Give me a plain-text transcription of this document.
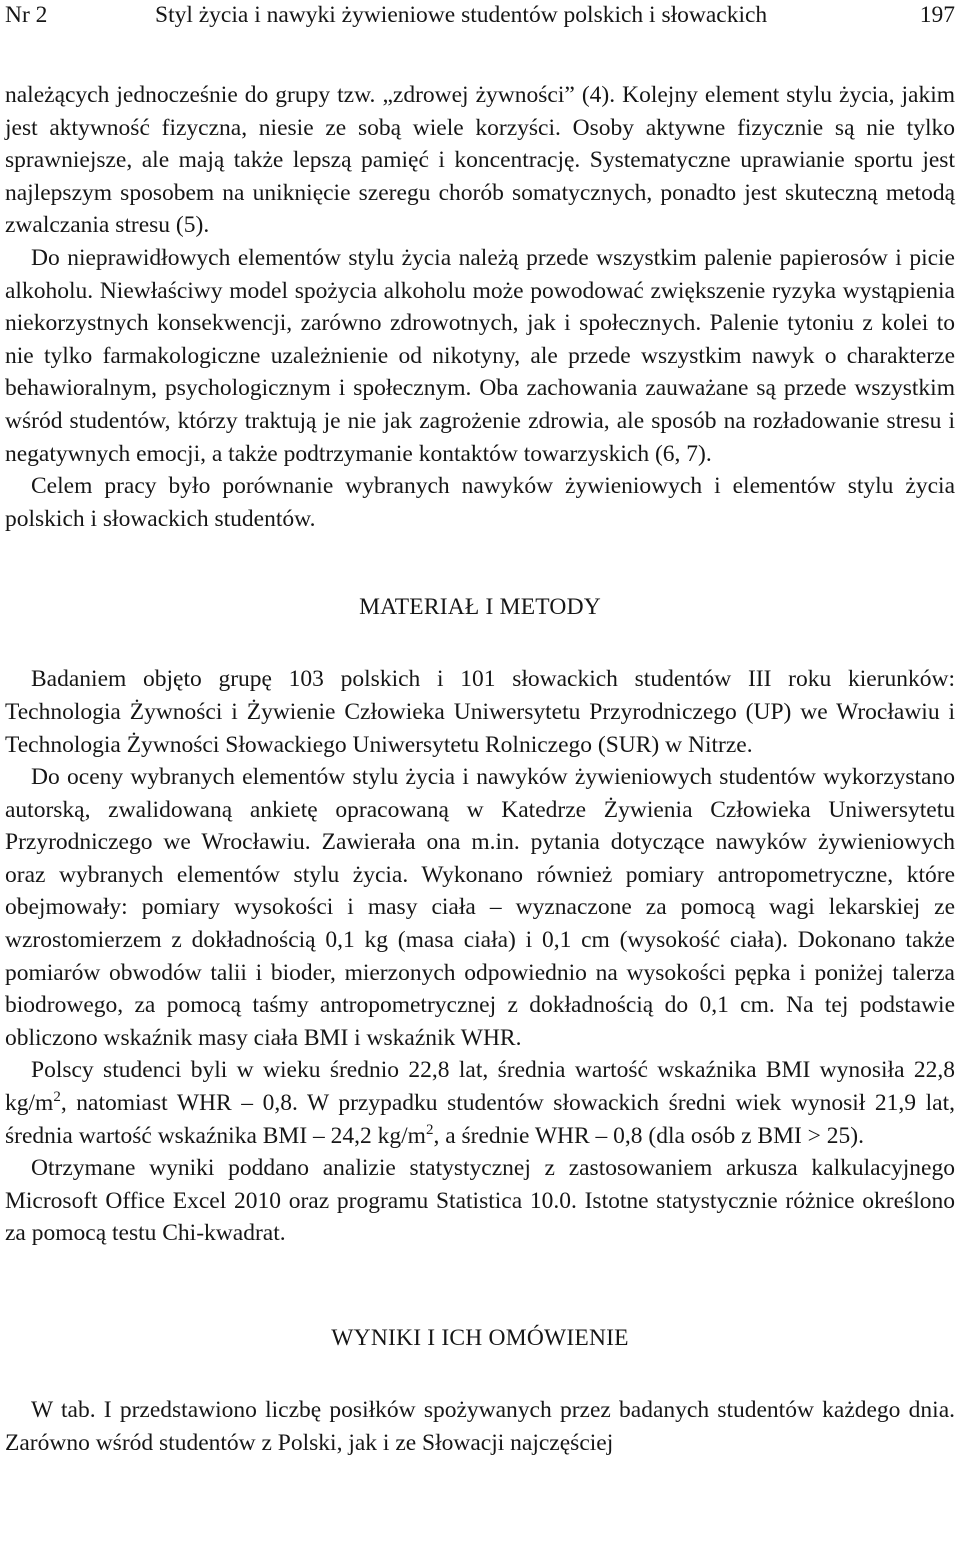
Nr 2	Styl życia i nawyki żywieniowe studentów polskich i słowackich	197

należących jednocześnie do grupy tzw. „zdrowej żywności” (4). Kolejny element stylu życia, jakim jest aktywność fizyczna, niesie ze sobą wiele korzyści. Osoby aktywne fizycznie są nie tylko sprawniejsze, ale mają także lepszą pamięć i koncentrację. Systematyczne uprawianie sportu jest najlepszym sposobem na uniknięcie szeregu chorób somatycznych, ponadto jest skuteczną metodą zwalczania stresu (5).

Do nieprawidłowych elementów stylu życia należą przede wszystkim palenie papierosów i picie alkoholu. Niewłaściwy model spożycia alkoholu może powodować zwiększenie ryzyka wystąpienia niekorzystnych konsekwencji, zarówno zdrowotnych, jak i społecznych. Palenie tytoniu z kolei to nie tylko farmakologiczne uzależnienie od nikotyny, ale przede wszystkim nawyk o charakterze behawioralnym, psychologicznym i społecznym. Oba zachowania zauważane są przede wszystkim wśród studentów, którzy traktują je nie jak zagrożenie zdrowia, ale sposób na rozładowanie stresu i negatywnych emocji, a także podtrzymanie kontaktów towarzyskich (6, 7).

Celem pracy było porównanie wybranych nawyków żywieniowych i elementów stylu życia polskich i słowackich studentów.

MATERIAŁ I METODY

Badaniem objęto grupę 103 polskich i 101 słowackich studentów III roku kierunków: Technologia Żywności i Żywienie Człowieka Uniwersytetu Przyrodniczego (UP) we Wrocławiu i Technologia Żywności Słowackiego Uniwersytetu Rolniczego (SUR) w Nitrze.

Do oceny wybranych elementów stylu życia i nawyków żywieniowych studentów wykorzystano autorską, zwalidowaną ankietę opracowaną w Katedrze Żywienia Człowieka Uniwersytetu Przyrodniczego we Wrocławiu. Zawierała ona m.in. pytania dotyczące nawyków żywieniowych oraz wybranych elementów stylu życia. Wykonano również pomiary antropometryczne, które obejmowały: pomiary wysokości i masy ciała – wyznaczone za pomocą wagi lekarskiej ze wzrostomierzem z dokładnością 0,1 kg (masa ciała) i 0,1 cm (wysokość ciała). Dokonano także pomiarów obwodów talii i bioder, mierzonych odpowiednio na wysokości pępka i poniżej talerza biodrowego, za pomocą taśmy antropometrycznej z dokładnością do 0,1 cm. Na tej podstawie obliczono wskaźnik masy ciała BMI i wskaźnik WHR.

Polscy studenci byli w wieku średnio 22,8 lat, średnia wartość wskaźnika BMI wynosiła 22,8 $kg/m^2$, natomiast WHR – 0,8. W przypadku studentów słowackich średni wiek wynosił 21,9 lat, średnia wartość wskaźnika BMI – 24,2 $kg/m^2$, a średnie WHR – 0,8 (dla osób z BMI > 25).

Otrzymane wyniki poddano analizie statystycznej z zastosowaniem arkusza kalkulacyjnego Microsoft Office Excel 2010 oraz programu Statistica 10.0. Istotne statystycznie różnice określono za pomocą testu Chi-kwadrat.

WYNIKI I ICH OMÓWIENIE

W tab. I przedstawiono liczbę posiłków spożywanych przez badanych studentów każdego dnia. Zarówno wśród studentów z Polski, jak i ze Słowacji najczęściej
